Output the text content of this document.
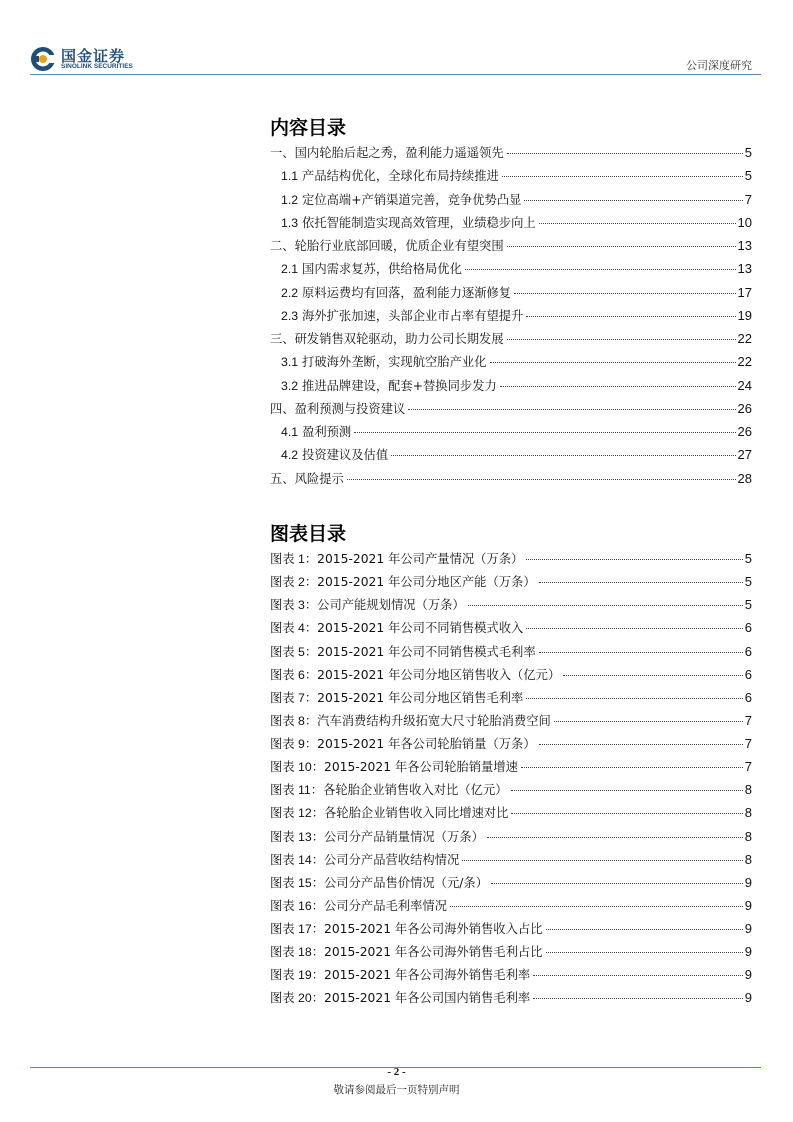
国金证券
SINOLINK SECURITIES	公司深度研究
内容目录
一、国内轮胎后起之秀，盈利能力遥遥领先	5
1.1 产品结构优化，全球化布局持续推进	5
1.2 定位高端+产销渠道完善，竞争优势凸显	7
1.3 依托智能制造实现高效管理，业绩稳步向上	10
二、轮胎行业底部回暖，优质企业有望突围	13
2.1 国内需求复苏，供给格局优化	13
2.2 原料运费均有回落，盈利能力逐渐修复	17
2.3 海外扩张加速，头部企业市占率有望提升	19
三、研发销售双轮驱动，助力公司长期发展	22
3.1 打破海外垄断，实现航空胎产业化	22
3.2 推进品牌建设，配套+替换同步发力	24
四、盈利预测与投资建议	26
4.1 盈利预测	26
4.2 投资建议及估值	27
五、风险提示	28
图表目录
图表 1：2015-2021 年公司产量情况（万条）	5
图表 2：2015-2021 年公司分地区产能（万条）	5
图表 3：公司产能规划情况（万条）	5
图表 4：2015-2021 年公司不同销售模式收入	6
图表 5：2015-2021 年公司不同销售模式毛利率	6
图表 6：2015-2021 年公司分地区销售收入（亿元）	6
图表 7：2015-2021 年公司分地区销售毛利率	6
图表 8：汽车消费结构升级拓宽大尺寸轮胎消费空间	7
图表 9：2015-2021 年各公司轮胎销量（万条）	7
图表 10：2015-2021 年各公司轮胎销量增速	7
图表 11：各轮胎企业销售收入对比（亿元）	8
图表 12：各轮胎企业销售收入同比增速对比	8
图表 13：公司分产品销量情况（万条）	8
图表 14：公司分产品营收结构情况	8
图表 15：公司分产品售价情况（元/条）	9
图表 16：公司分产品毛利率情况	9
图表 17：2015-2021 年各公司海外销售收入占比	9
图表 18：2015-2021 年各公司海外销售毛利占比	9
图表 19：2015-2021 年各公司海外销售毛利率	9
图表 20：2015-2021 年各公司国内销售毛利率	9
- 2 -
敬请参阅最后一页特别声明
